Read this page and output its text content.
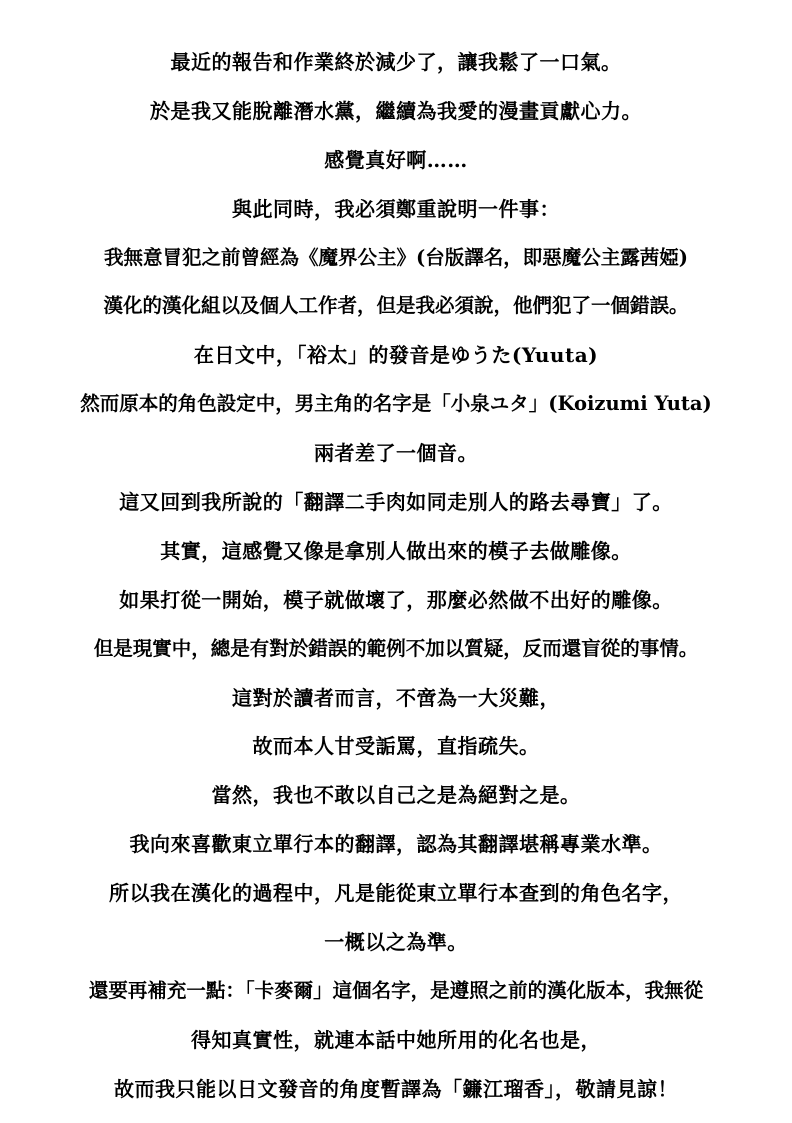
最近的報告和作業終於減少了，讓我鬆了一口氣。
於是我又能脫離潛水黨，繼續為我愛的漫畫貢獻心力。
感覺真好啊……
與此同時，我必須鄭重說明一件事：
我無意冒犯之前曾經為《魔界公主》(台版譯名，即惡魔公主露茜婭)
漢化的漢化組以及個人工作者，但是我必須說，他們犯了一個錯誤。
在日文中，「裕太」的發音是ゆうた(Yuuta)
然而原本的角色設定中，男主角的名字是「小泉ユタ」(Koizumi Yuta)
兩者差了一個音。
這又回到我所說的「翻譯二手肉如同走別人的路去尋寶」了。
其實，這感覺又像是拿別人做出來的模子去做雕像。
如果打從一開始，模子就做壞了，那麼必然做不出好的雕像。
但是現實中，總是有對於錯誤的範例不加以質疑，反而還盲從的事情。
這對於讀者而言，不啻為一大災難，
故而本人甘受詬罵，直指疏失。
當然，我也不敢以自己之是為絕對之是。
我向來喜歡東立單行本的翻譯，認為其翻譯堪稱專業水準。
所以我在漢化的過程中，凡是能從東立單行本查到的角色名字，
一概以之為準。
還要再補充一點：「卡麥爾」這個名字，是遵照之前的漢化版本，我無從
得知真實性，就連本話中她所用的化名也是，
故而我只能以日文發音的角度暫譯為「鐮江瑠香」，敬請見諒！
